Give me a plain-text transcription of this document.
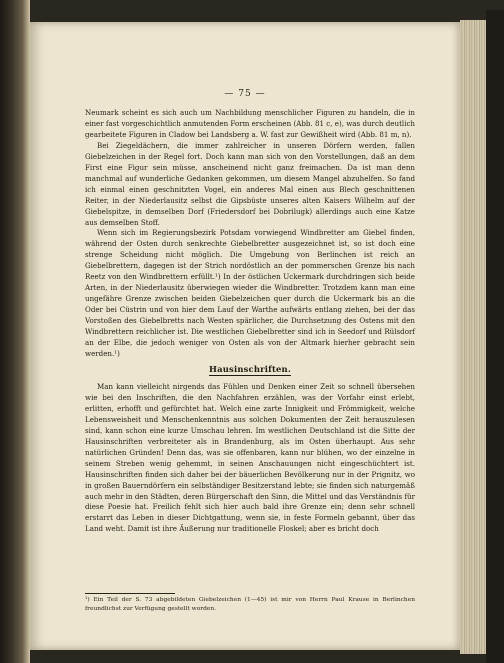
— 75 —

Neumark scheint es sich auch um Nachbildung menschlicher Figuren zu handeln, die in einer fast vorgeschichtlich anmutenden Form erscheinen (Abb. 81 c, e), was durch deutlich gearbeitete Figuren in Cladow bei Landsberg a. W. fast zur Gewißheit wird (Abb. 81 m, n).

Bei Ziegeldächern, die immer zahlreicher in unseren Dörfern werden, fallen Giebelzeichen in der Regel fort. Doch kann man sich von den Vorstellungen, daß an dem First eine Figur sein müsse, anscheinend nicht ganz freimachen. Da ist man denn manchmal auf wunderliche Gedanken gekommen, um diesem Mangel abzuhelfen. So fand ich einmal einen geschnitzten Vogel, ein anderes Mal einen aus Blech geschnittenen Reiter, in der Niederlausitz selbst die Gipsbüste unseres alten Kaisers Wilhelm auf der Giebelspitze, in demselben Dorf (Friedersdorf bei Dobrilugk) allerdings auch eine Katze aus demselben Stoff.

Wenn sich im Regierungsbezirk Potsdam vorwiegend Windbretter am Giebel finden, während der Osten durch senkrechte Giebelbretter ausgezeichnet ist, so ist doch eine strenge Scheidung nicht möglich. Die Umgebung von Berlinchen ist reich an Giebelbrettern, dagegen ist der Strich nordöstlich an der pommerschen Grenze bis nach Reetz von den Windbrettern erfüllt.¹) In der östlichen Uckermark durchdringen sich beide Arten, in der Niederlausitz überwiegen wieder die Windbretter. Trotzdem kann man eine ungefähre Grenze zwischen beiden Giebelzeichen quer durch die Uckermark bis an die Oder bei Cüstrin und von hier dem Lauf der Warthe aufwärts entlang ziehen, bei der das Vorstoßen des Giebelbretts nach Westen spärlicher, die Durchsetzung des Ostens mit den Windbrettern reichlicher ist. Die westlichen Giebelbretter sind ich in Seedorf und Rülsdorf an der Elbe, die jedoch weniger von Osten als von der Altmark hierher gebracht sein werden.¹)

Hausinschriften.

Man kann vielleicht nirgends das Fühlen und Denken einer Zeit so schnell übersehen wie bei den Inschriften, die den Nachfahren erzählen, was der Vorfahr einst erlebt, erlitten, erhofft und gefürchtet hat. Welch eine zarte Innigkeit und Frömmigkeit, welche Lebensweisheit und Menschenkenntnis aus solchen Dokumenten der Zeit herauszulesen sind, kann schon eine kurze Umschau lehren. Im westlichen Deutschland ist die Sitte der Hausinschriften verbreiteter als in Brandenburg, als im Osten überhaupt. Aus sehr natürlichen Gründen! Denn das, was sie offenbaren, kann nur blühen, wo der einzelne in seinem Streben wenig gehemmt, in seinen Anschauungen nicht eingeschüchtert ist. Hausinschriften finden sich daher bei der bäuerlichen Bevölkerung nur in der Prignitz, wo in großen Bauerndörfern ein selbständiger Besitzerstand lebte; sie finden sich naturgemäß auch mehr in den Städten, deren Bürgerschaft den Sinn, die Mittel und das Verständnis für diese Poesie hat. Freilich fehlt sich hier auch bald ihre Grenze ein; denn sehr schnell erstarrt das Leben in dieser Dichtgattung, wenn sie, in feste Formeln gebannt, über das Land weht. Damit ist ihre Äußerung nur traditionelle Floskel; aber es bricht doch

¹) Ein Teil der S. 73 abgebildeten Giebelzeichen (1—45) ist mir von Herrn Paul Krause in Berlinchen freundlichst zur Verfügung gestellt worden.
